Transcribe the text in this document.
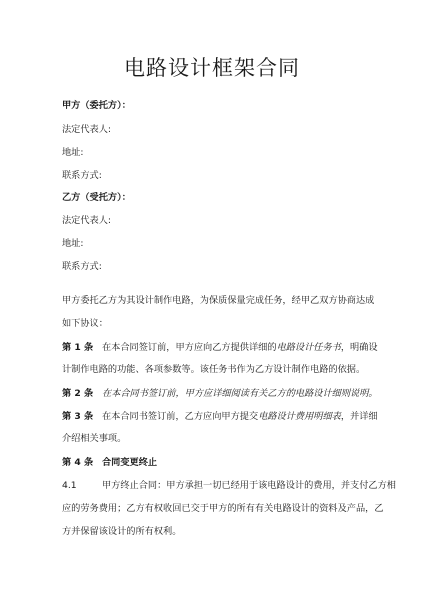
电路设计框架合同
甲方（委托方）：
法定代表人:
地址:
联系方式:
乙方（受托方）：
法定代表人:
地址:
联系方式:
甲方委托乙方为其设计制作电路，为保质保量完成任务，经甲乙双方协商达成
如下协议：
第 1 条 在本合同签订前，甲方应向乙方提供详细的电路设计任务书，明确设
计制作电路的功能、各项参数等。该任务书作为乙方设计制作电路的依据。
第 2 条 在本合同书签订前，甲方应详细阅读有关乙方的电路设计细则说明。
第 3 条 在本合同书签订前，乙方应向甲方提交电路设计费用明细表，并详细
介绍相关事项。
第 4 条 合同变更终止
4.1	甲方终止合同：甲方承担一切已经用于该电路设计的费用，并支付乙方相
应的劳务费用；乙方有权收回已交于甲方的所有有关电路设计的资料及产品，乙
方并保留该设计的所有权利。
